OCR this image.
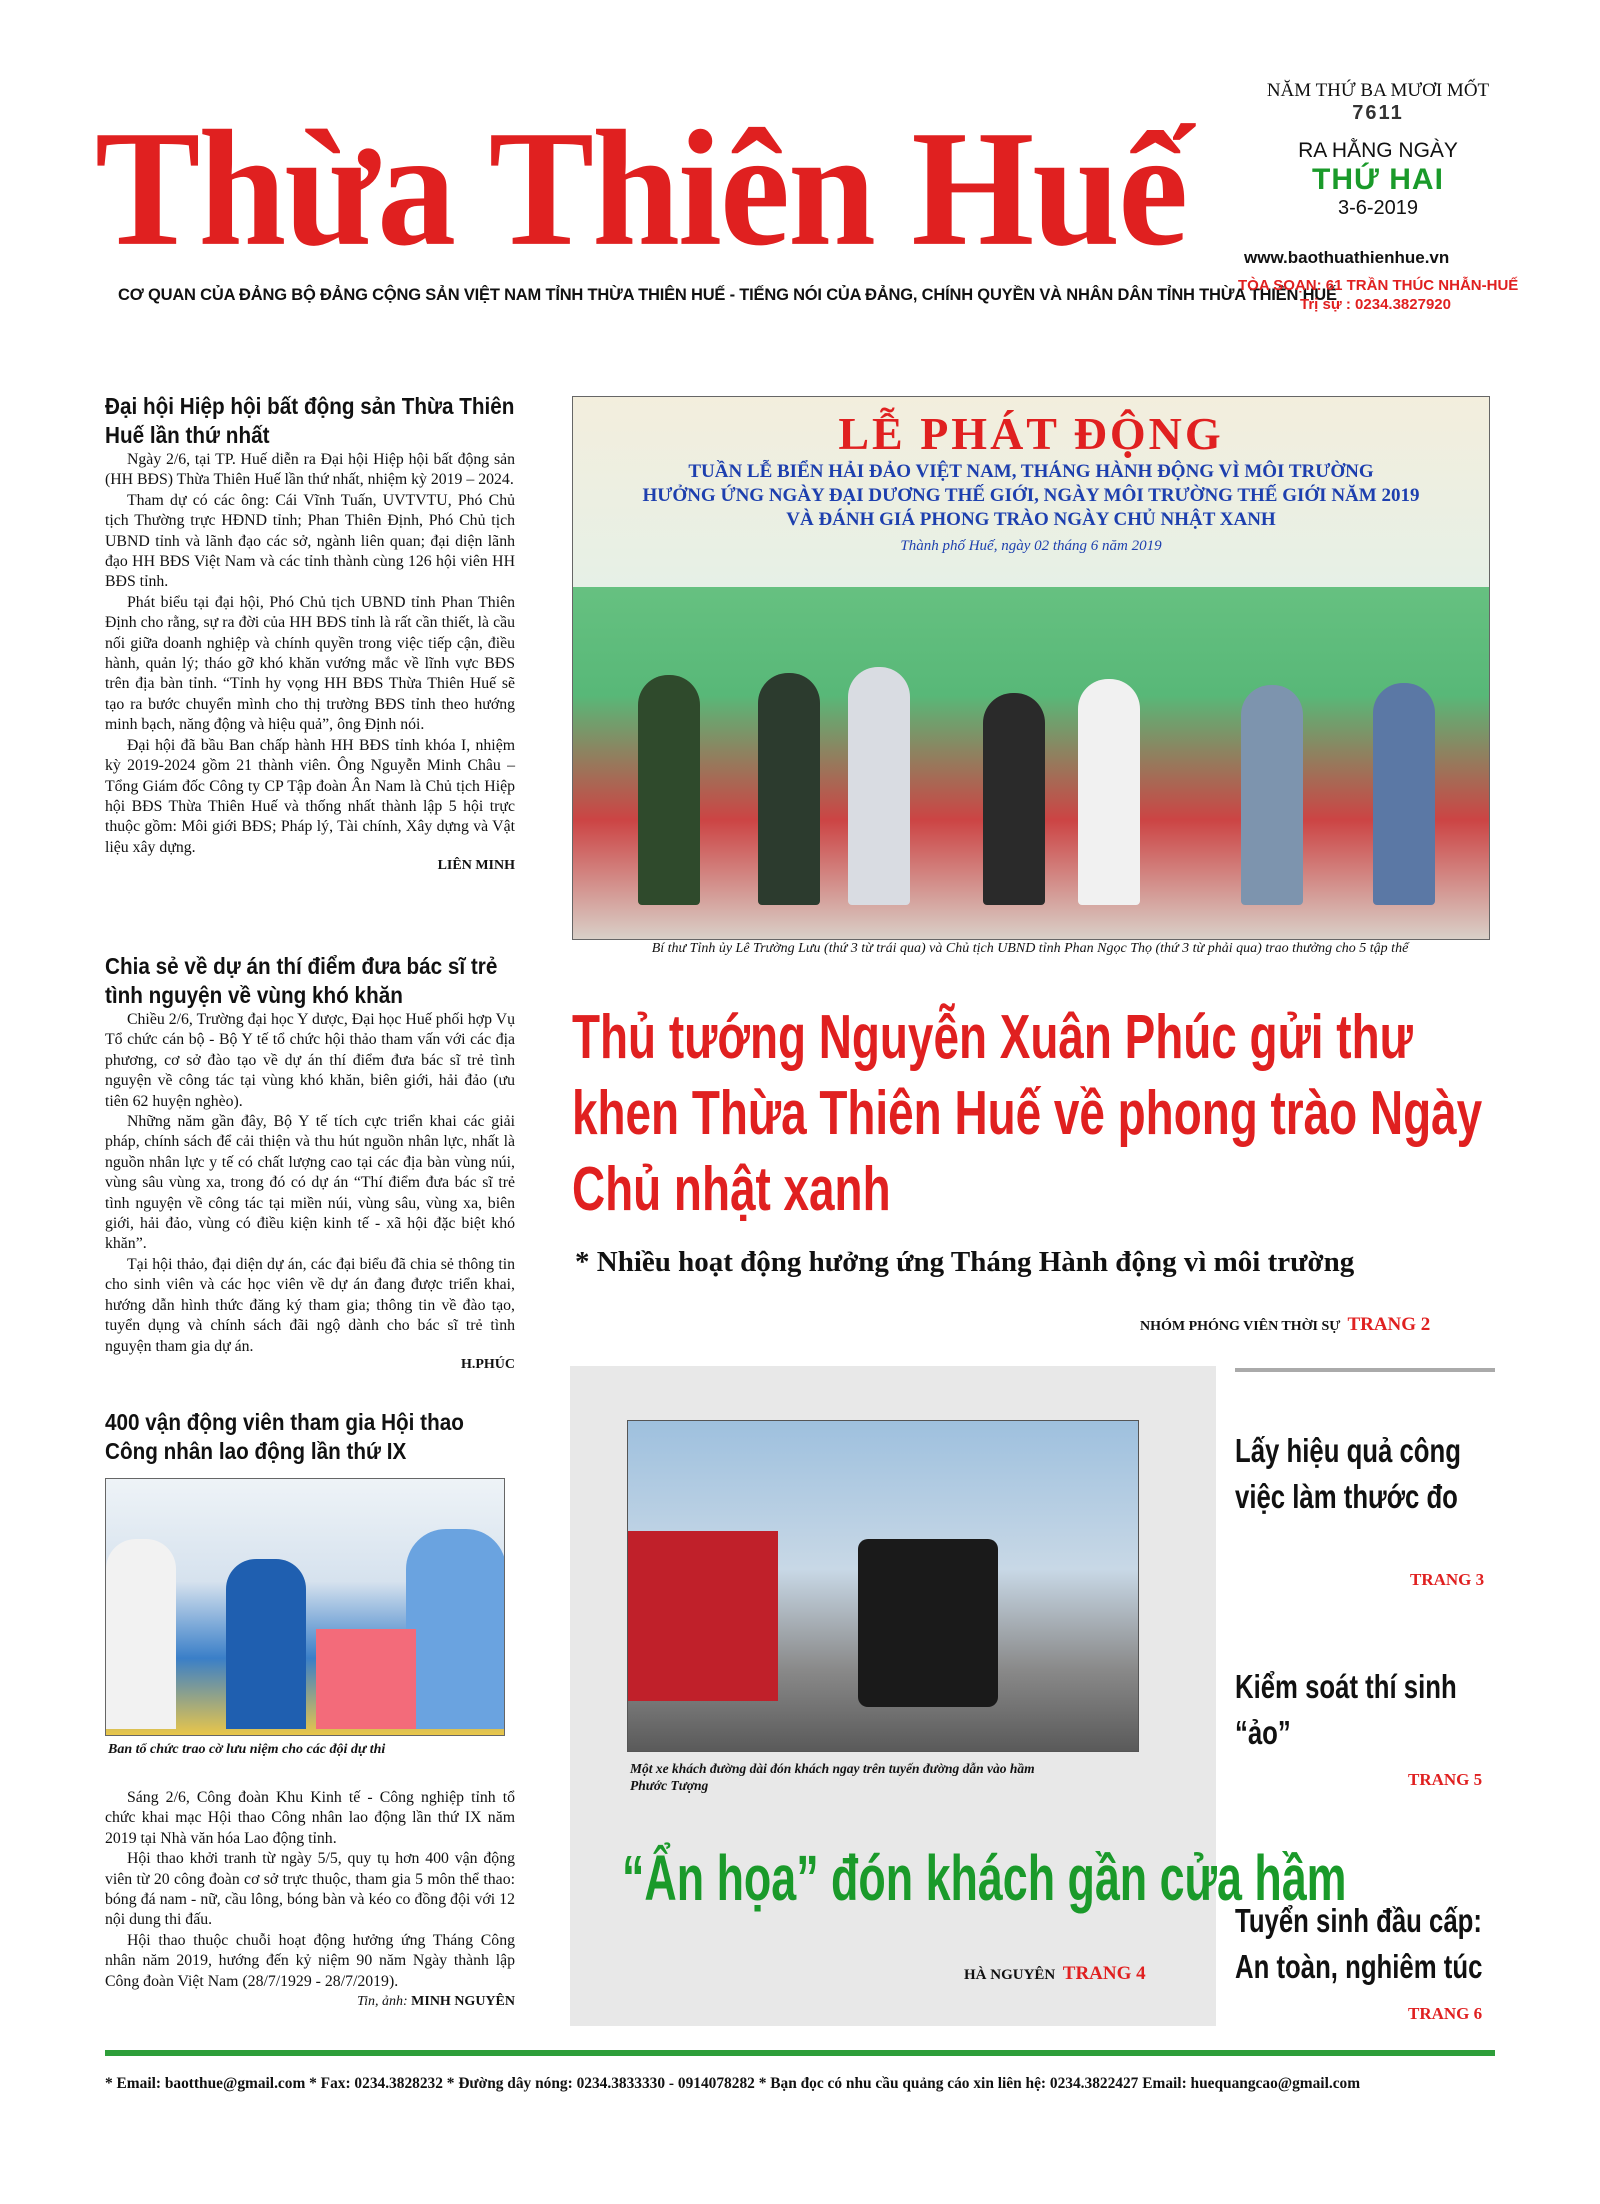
Thừa Thiên Huế
CƠ QUAN CỦA ĐẢNG BỘ ĐẢNG CỘNG SẢN VIỆT NAM TỈNH THỪA THIÊN HUẾ - TIẾNG NÓI CỦA ĐẢNG, CHÍNH QUYỀN VÀ NHÂN DÂN TỈNH THỪA THIÊN HUẾ
NĂM THỨ BA MƯƠI MỐT
7611
RA HẰNG NGÀY
THỨ HAI
3-6-2019
www.baothuathienhue.vn
TÒA SOẠN: 61 TRẦN THÚC NHẪN-HUẾ
Trị sự : 0234.3827920
Đại hội Hiệp hội bất động sản Thừa Thiên Huế lần thứ nhất

Ngày 2/6, tại TP. Huế diễn ra Đại hội Hiệp hội bất động sản (HH BĐS) Thừa Thiên Huế lần thứ nhất, nhiệm kỳ 2019 – 2024.

Tham dự có các ông: Cái Vĩnh Tuấn, UVTVTU, Phó Chủ tịch Thường trực HĐND tỉnh; Phan Thiên Định, Phó Chủ tịch UBND tỉnh và lãnh đạo các sở, ngành liên quan; đại diện lãnh đạo HH BĐS Việt Nam và các tỉnh thành cùng 126 hội viên HH BĐS tỉnh.

Phát biểu tại đại hội, Phó Chủ tịch UBND tỉnh Phan Thiên Định cho rằng, sự ra đời của HH BĐS tỉnh là rất cần thiết, là cầu nối giữa doanh nghiệp và chính quyền trong việc tiếp cận, điều hành, quản lý; tháo gỡ khó khăn vướng mắc về lĩnh vực BĐS trên địa bàn tỉnh. “Tỉnh hy vọng HH BĐS Thừa Thiên Huế sẽ tạo ra bước chuyển mình cho thị trường BĐS tỉnh theo hướng minh bạch, năng động và hiệu quả”, ông Định nói.

Đại hội đã bầu Ban chấp hành HH BĐS tỉnh khóa I, nhiệm kỳ 2019-2024 gồm 21 thành viên. Ông Nguyễn Minh Châu – Tổng Giám đốc Công ty CP Tập đoàn Ân Nam là Chủ tịch Hiệp hội BĐS Thừa Thiên Huế và thống nhất thành lập 5 hội trực thuộc gồm: Môi giới BĐS; Pháp lý, Tài chính, Xây dựng và Vật liệu xây dựng.

LIÊN MINH
Chia sẻ về dự án thí điểm đưa bác sĩ trẻ tình nguyện về vùng khó khăn

Chiều 2/6, Trường đại học Y dược, Đại học Huế phối hợp Vụ Tổ chức cán bộ - Bộ Y tế tổ chức hội thảo tham vấn với các địa phương, cơ sở đào tạo về dự án thí điểm đưa bác sĩ trẻ tình nguyện về công tác tại vùng khó khăn, biên giới, hải đảo (ưu tiên 62 huyện nghèo).

Những năm gần đây, Bộ Y tế tích cực triển khai các giải pháp, chính sách để cải thiện và thu hút nguồn nhân lực, nhất là nguồn nhân lực y tế có chất lượng cao tại các địa bàn vùng núi, vùng sâu vùng xa, trong đó có dự án “Thí điểm đưa bác sĩ trẻ tình nguyện về công tác tại miền núi, vùng sâu, vùng xa, biên giới, hải đảo, vùng có điều kiện kinh tế - xã hội đặc biệt khó khăn”.

Tại hội thảo, đại diện dự án, các đại biểu đã chia sẻ thông tin cho sinh viên và các học viên về dự án đang được triển khai, hướng dẫn hình thức đăng ký tham gia; thông tin về đào tạo, tuyển dụng và chính sách đãi ngộ dành cho bác sĩ trẻ tình nguyện tham gia dự án.

H.PHÚC
400 vận động viên tham gia Hội thao Công nhân lao động lần thứ IX
Ban tổ chức trao cờ lưu niệm cho các đội dự thi

Sáng 2/6, Công đoàn Khu Kinh tế - Công nghiệp tỉnh tổ chức khai mạc Hội thao Công nhân lao động lần thứ IX năm 2019 tại Nhà văn hóa Lao động tỉnh.

Hội thao khởi tranh từ ngày 5/5, quy tụ hơn 400 vận động viên từ 20 công đoàn cơ sở trực thuộc, tham gia 5 môn thể thao: bóng đá nam - nữ, cầu lông, bóng bàn và kéo co đồng đội với 12 nội dung thi đấu.

Hội thao thuộc chuỗi hoạt động hưởng ứng Tháng Công nhân năm 2019, hướng đến kỷ niệm 90 năm Ngày thành lập Công đoàn Việt Nam (28/7/1929 - 28/7/2019).

Tin, ảnh: MINH NGUYÊN
LỄ PHÁT ĐỘNG
TUẦN LỄ BIỂN HẢI ĐẢO VIỆT NAM, THÁNG HÀNH ĐỘNG VÌ MÔI TRƯỜNG
HƯỞNG ỨNG NGÀY ĐẠI DƯƠNG THẾ GIỚI, NGÀY MÔI TRƯỜNG THẾ GIỚI NĂM 2019
VÀ ĐÁNH GIÁ PHONG TRÀO NGÀY CHỦ NHẬT XANH
Thành phố Huế, ngày 02 tháng 6 năm 2019
Bí thư Tỉnh ủy Lê Trường Lưu (thứ 3 từ trái qua) và Chủ tịch UBND tỉnh Phan Ngọc Thọ (thứ 3 từ phải qua) trao thưởng cho 5 tập thể
Thủ tướng Nguyễn Xuân Phúc gửi thư khen Thừa Thiên Huế về phong trào Ngày Chủ nhật xanh
* Nhiều hoạt động hưởng ứng Tháng Hành động vì môi trường
NHÓM PHÓNG VIÊN THỜI SỰ TRANG 2
Một xe khách đường dài đón khách ngay trên tuyến đường dẫn vào hầm Phước Tượng
“Ẩn họa” đón khách gần cửa hầm
HÀ NGUYÊN TRANG 4
Lấy hiệu quả công việc làm thước đo
TRANG 3
Kiểm soát thí sinh “ảo”
TRANG 5
Tuyển sinh đầu cấp: An toàn, nghiêm túc
TRANG 6
* Email: baotthue@gmail.com * Fax: 0234.3828232 * Đường dây nóng: 0234.3833330 - 0914078282 * Bạn đọc có nhu cầu quảng cáo xin liên hệ: 0234.3822427 Email: huequangcao@gmail.com
